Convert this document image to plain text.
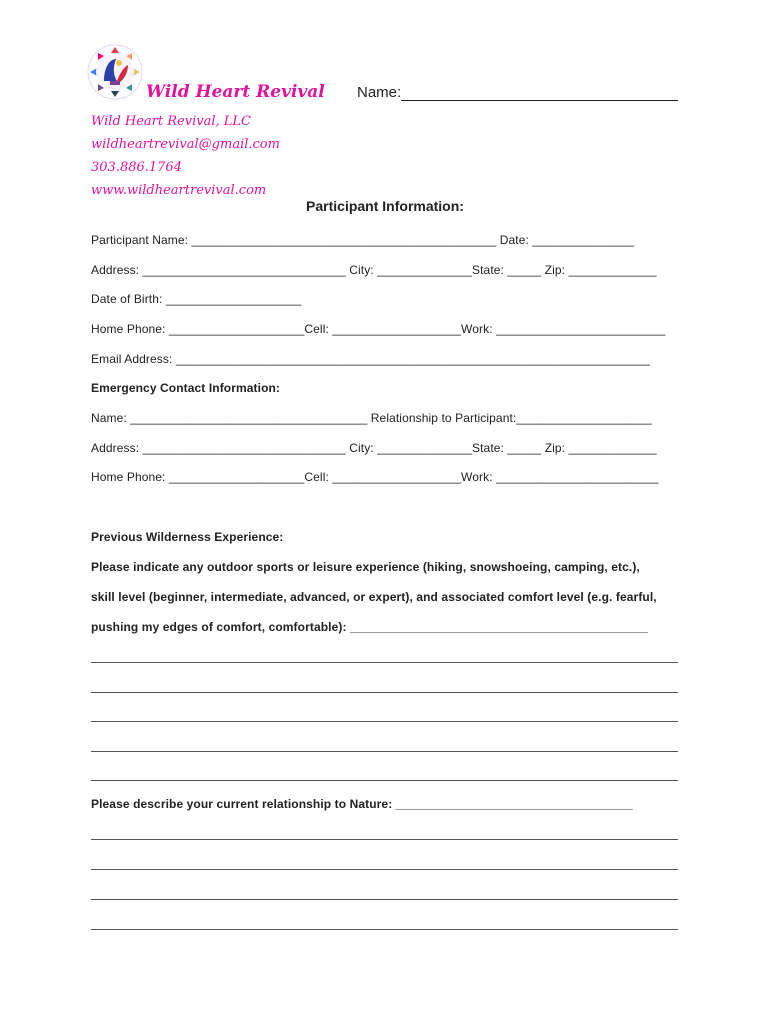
Wild Heart Revival
Wild Heart Revival, LLC
wildheartrevival@gmail.com
303.886.1764
www.wildheartrevival.com
Name:
Participant Information:
Participant Name: _____________________________________________ Date: _______________
Address: ______________________________ City: ______________State: _____ Zip: _____________
Date of Birth: ____________________
Home Phone: ____________________Cell: ___________________Work: _________________________
Email Address: ______________________________________________________________________
Emergency Contact Information:
Name: ___________________________________ Relationship to Participant:____________________
Address: ______________________________ City: ______________State: _____ Zip: _____________
Home Phone: ____________________Cell: ___________________Work: ________________________
Previous Wilderness Experience:
Please indicate any outdoor sports or leisure experience (hiking, snowshoeing, camping, etc.),
skill level (beginner, intermediate, advanced, or expert), and associated comfort level (e.g. fearful,
pushing my edges of comfort, comfortable): ____________________________________________
Please describe your current relationship to Nature: ___________________________________
